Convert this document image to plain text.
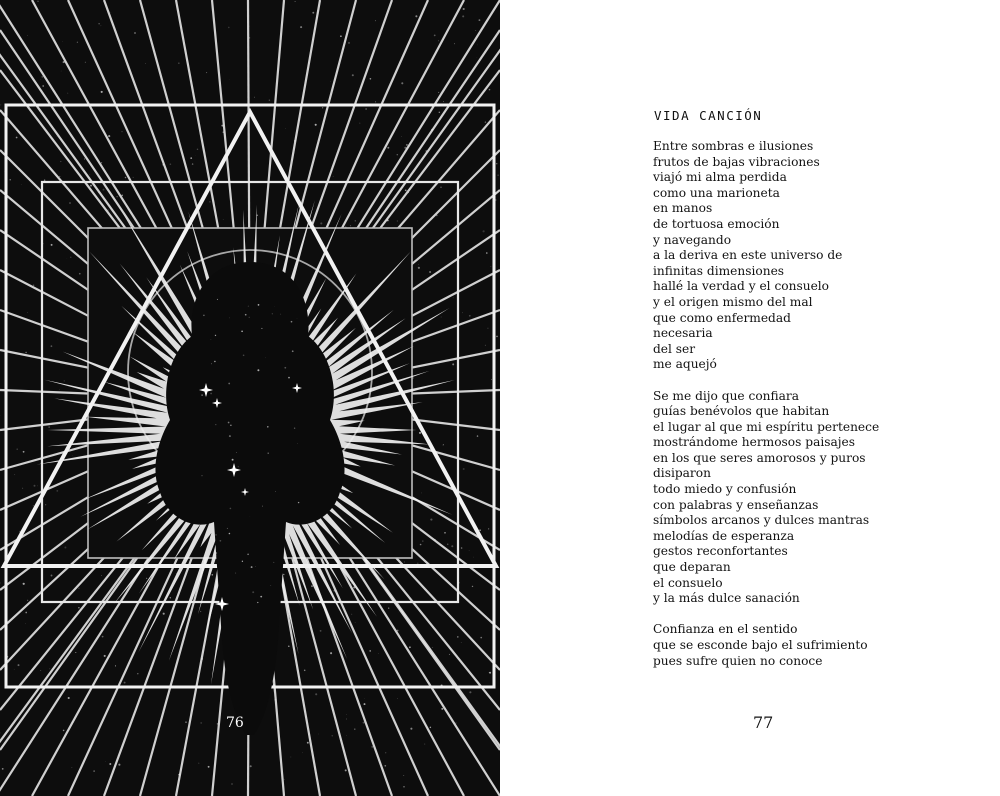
76
VIDA CANCIÓN
Entre sombras e ilusiones
frutos de bajas vibraciones
viajó mi alma perdida
como una marioneta
en manos
de tortuosa emoción
y navegando
a la deriva en este universo de
infinitas dimensiones
hallé la verdad y el consuelo
y el origen mismo del mal
que como enfermedad
necesaria
del ser
me aquejó
Se me dijo que confiara
guías benévolos que habitan
el lugar al que mi espíritu pertenece
mostrándome hermosos paisajes
en los que seres amorosos y puros
disiparon
todo miedo y confusión
con palabras y enseñanzas
símbolos arcanos y dulces mantras
melodías de esperanza
gestos reconfortantes
que deparan
el consuelo
y la más dulce sanación
Confianza en el sentido
que se esconde bajo el sufrimiento
pues sufre quien no conoce
77
